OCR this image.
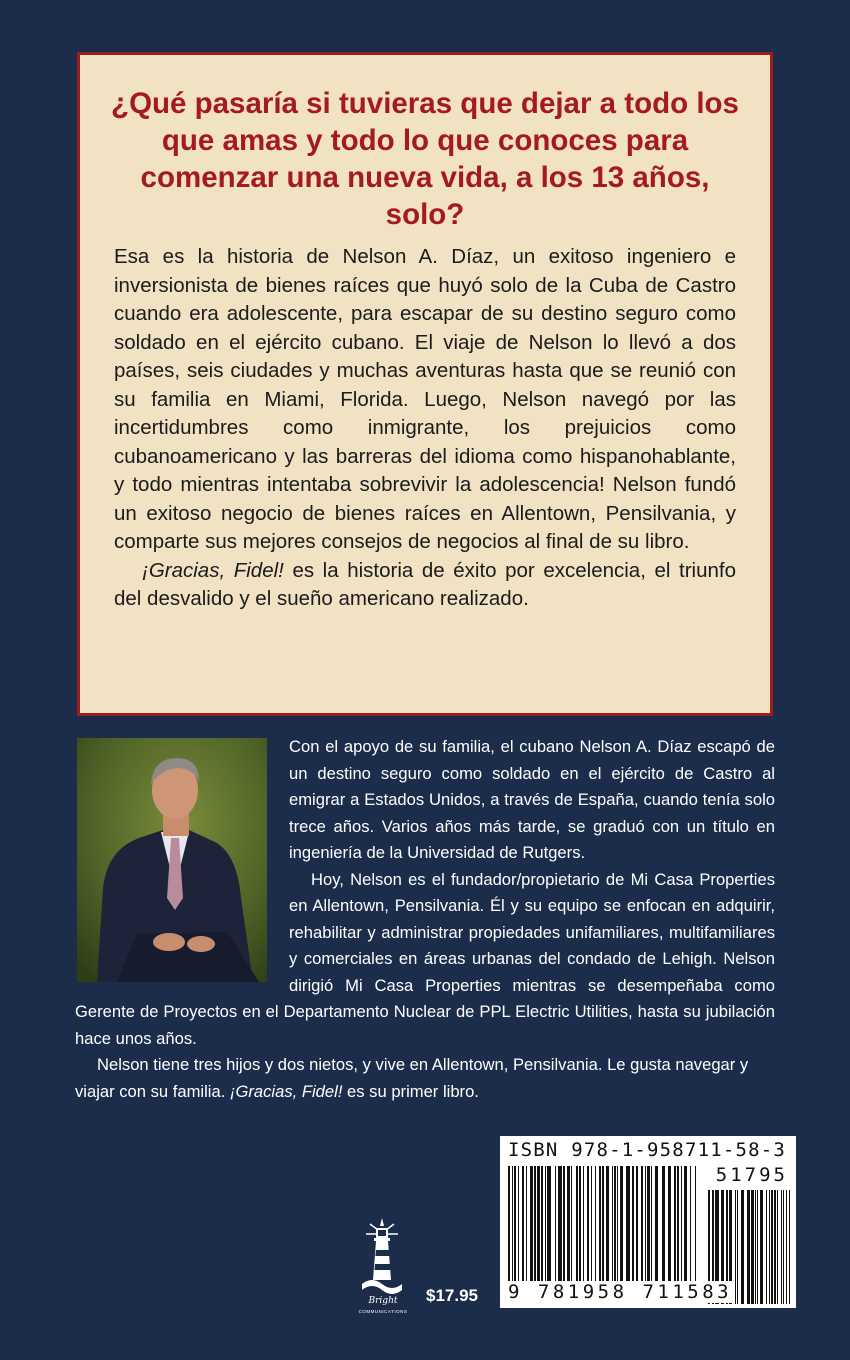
¿Qué pasaría si tuvieras que dejar a todo los que amas y todo lo que conoces para comenzar una nueva vida, a los 13 años, solo?

Esa es la historia de Nelson A. Díaz, un exitoso ingeniero e inversionista de bienes raíces que huyó solo de la Cuba de Castro cuando era adolescente, para escapar de su destino seguro como soldado en el ejército cubano. El viaje de Nelson lo llevó a dos países, seis ciudades y muchas aventuras hasta que se reunió con su familia en Miami, Florida. Luego, Nelson navegó por las incertidumbres como inmigrante, los prejuicios como cubanoamericano y las barreras del idioma como hispanohablante, y todo mientras intentaba sobrevivir la adolescencia! Nelson fundó un exitoso negocio de bienes raíces en Allentown, Pensilvania, y comparte sus mejores consejos de negocios al final de su libro.

¡Gracias, Fidel! es la historia de éxito por excelencia, el triunfo del desvalido y el sueño americano realizado.

Con el apoyo de su familia, el cubano Nelson A. Díaz escapó de un destino seguro como soldado en el ejército de Castro al emigrar a Estados Unidos, a través de España, cuando tenía solo trece años. Varios años más tarde, se graduó con un título en ingeniería de la Universidad de Rutgers.

Hoy, Nelson es el fundador/propietario de Mi Casa Properties en Allentown, Pensilvania. Él y su equipo se enfocan en adquirir, rehabilitar y administrar propiedades unifamiliares, multifamiliares y comerciales en áreas urbanas del condado de Lehigh. Nelson dirigió Mi Casa Properties mientras se desempeñaba como Gerente de Proyectos en el Departamento Nuclear de PPL Electric Utilities, hasta su jubilación hace unos años.

Nelson tiene tres hijos y dos nietos, y vive en Allentown, Pensilvania. Le gusta navegar y viajar con su familia. ¡Gracias, Fidel! es su primer libro.

Bright
COMMUNICATIONS
$17.95
ISBN 978-1-958711-58-3
51795
9 781958 711583
